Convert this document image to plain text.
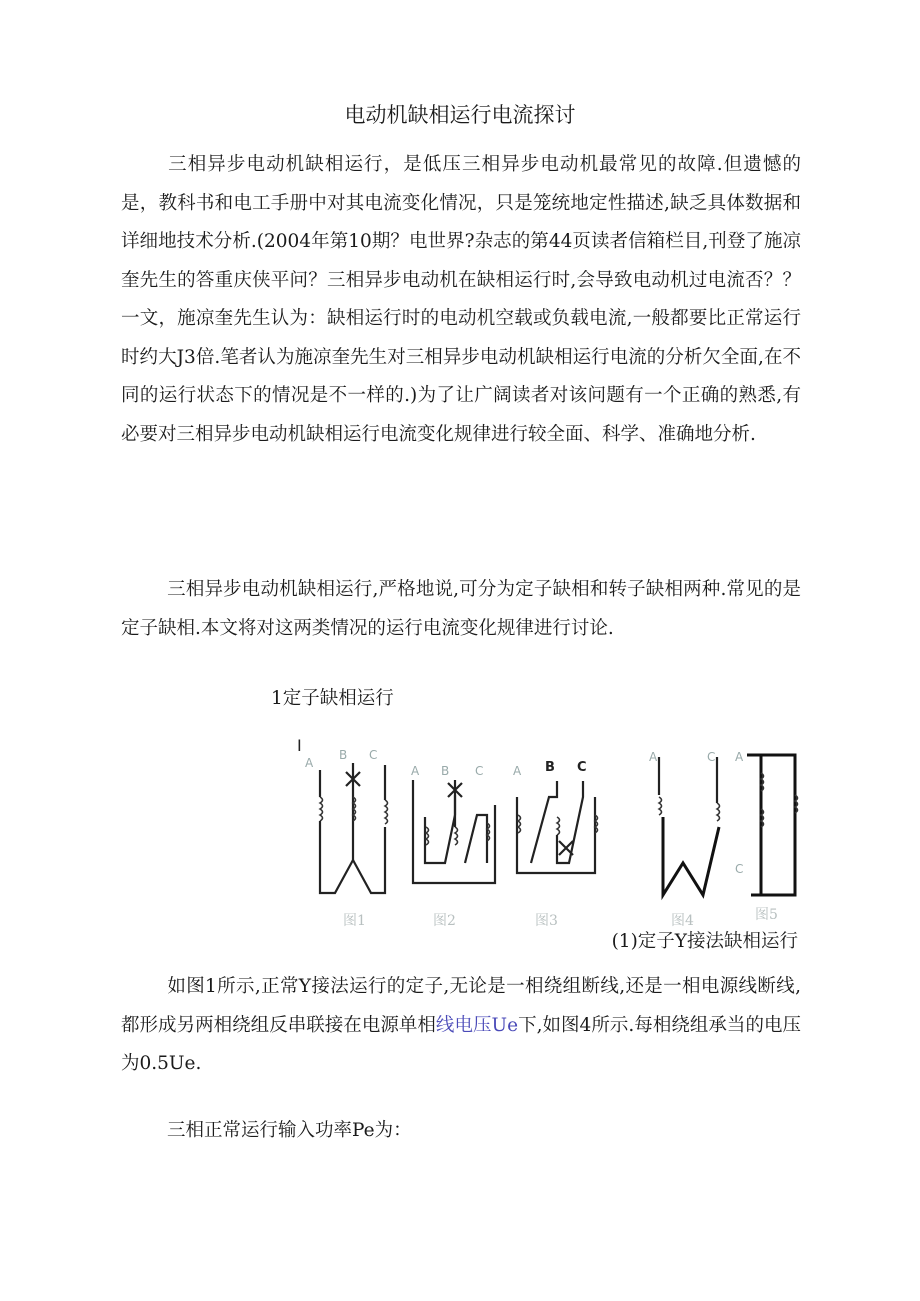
电动机缺相运行电流探讨

三相异步电动机缺相运行，是低压三相异步电动机最常见的故障.但遗憾的是，教科书和电工手册中对其电流变化情况，只是笼统地定性描述,缺乏具体数据和详细地技术分析.(2004年第10期？电世界?杂志的第44页读者信箱栏目,刊登了施凉奎先生的答重庆侠平问？三相异步电动机在缺相运行时,会导致电动机过电流否？？一文，施凉奎先生认为：缺相运行时的电动机空载或负载电流,一般都要比正常运行时约大J3倍.笔者认为施凉奎先生对三相异步电动机缺相运行电流的分析欠全面,在不同的运行状态下的情况是不一样的.)为了让广阔读者对该问题有一个正确的熟悉,有必要对三相异步电动机缺相运行电流变化规律进行较全面、科学、准确地分析.

三相异步电动机缺相运行,严格地说,可分为定子缺相和转子缺相两种.常见的是定子缺相.本文将对这两类情况的运行电流变化规律进行讨论.

1定子缺相运行
I
A
B C
图1
A B C
图2
A B C
图3
A	C
图4
A
C
图5
(1)定子Y接法缺相运行

如图1所示,正常Y接法运行的定子,无论是一相绕组断线,还是一相电源线断线,都形成另两相绕组反串联接在电源单相线电压Ue下,如图4所示.每相绕组承当的电压为0.5Ue.

三相正常运行输入功率Pe为：
